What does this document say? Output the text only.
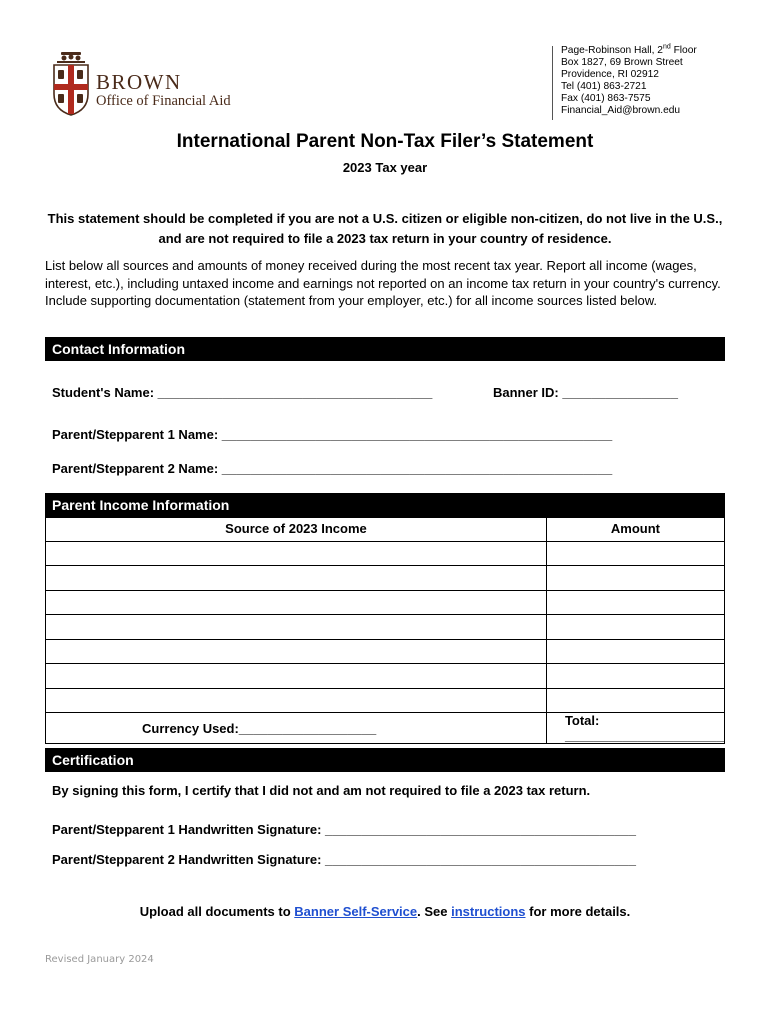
BROWN
Office of Financial Aid
Page-Robinson Hall, 2nd Floor
Box 1827, 69 Brown Street
Providence, RI 02912
Tel (401) 863-2721
Fax (401) 863-7575
Financial_Aid@brown.edu
International Parent Non-Tax Filer’s Statement
2023 Tax year
This statement should be completed if you are not a U.S. citizen or eligible non-citizen, do not live in the U.S., and are not required to file a 2023 tax return in your country of residence.
List below all sources and amounts of money received during the most recent tax year. Report all income (wages, interest, etc.), including untaxed income and earnings not reported on an income tax return in your country's currency. Include supporting documentation (statement from your employer, etc.) for all income sources listed below.
Contact Information
Student's Name: ______________________________________	Banner ID: ________________
Parent/Stepparent 1 Name: ______________________________________________________
Parent/Stepparent 2 Name: ______________________________________________________
Parent Income Information
Source of 2023 Income	Amount

Currency Used:___________________	Total: ______________________
Certification
By signing this form, I certify that I did not and am not required to file a 2023 tax return.
Parent/Stepparent 1 Handwritten Signature: ___________________________________________
Parent/Stepparent 2 Handwritten Signature: ___________________________________________
Upload all documents to Banner Self-Service. See instructions for more details.
Revised January 2024
